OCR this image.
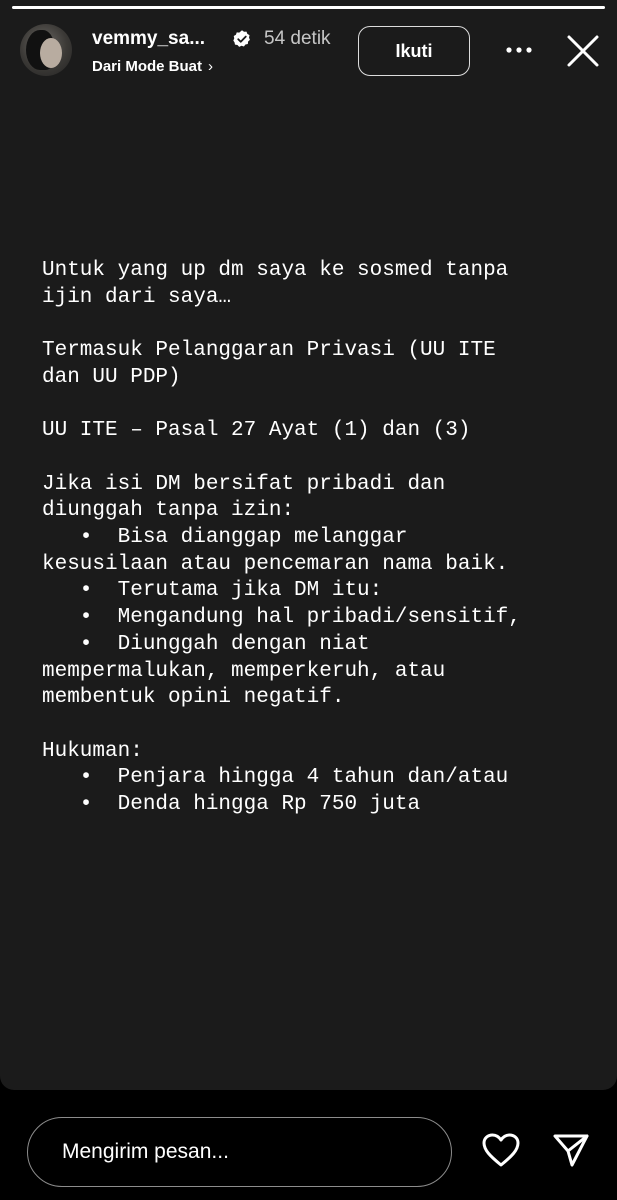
vemmy_sa...	54 detik
Dari Mode Buat ›
Ikuti
Untuk yang up dm saya ke sosmed tanpa
ijin dari saya…

Termasuk Pelanggaran Privasi (UU ITE
dan UU PDP)

UU ITE – Pasal 27 Ayat (1) dan (3)

Jika isi DM bersifat pribadi dan
diunggah tanpa izin:
•  Bisa dianggap melanggar
kesusilaan atau pencemaran nama baik.
•  Terutama jika DM itu:
•  Mengandung hal pribadi/sensitif,
•  Diunggah dengan niat
mempermalukan, memperkeruh, atau
membentuk opini negatif.

Hukuman:
•  Penjara hingga 4 tahun dan/atau
•  Denda hingga Rp 750 juta
Mengirim pesan...
